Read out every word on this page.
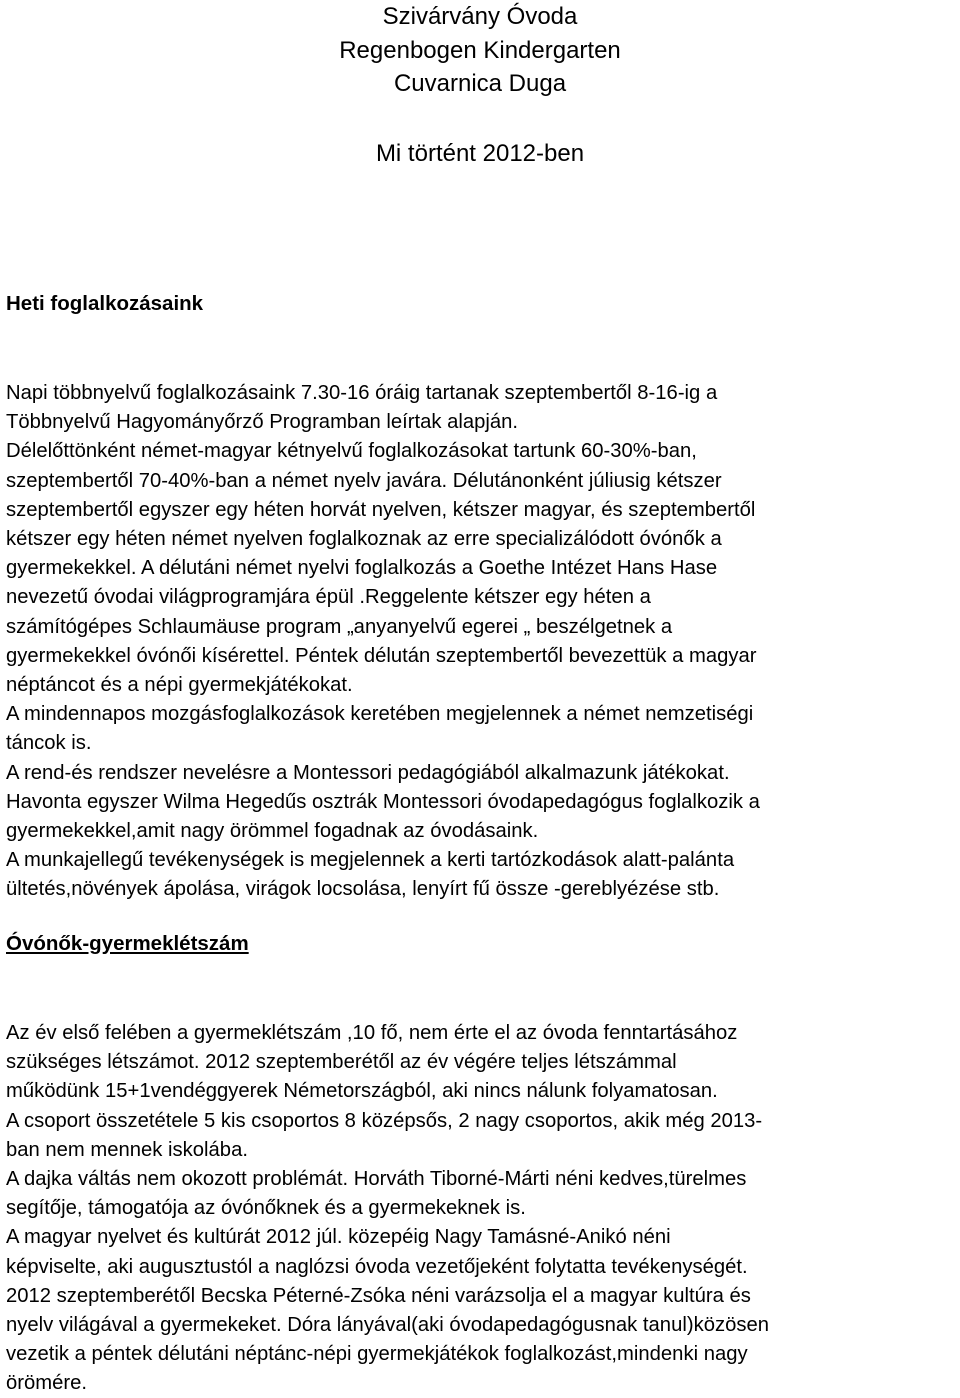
Szivárvány Óvoda
Regenbogen Kindergarten
Cuvarnica Duga
Mi történt 2012-ben
Heti foglalkozásaink
Napi többnyelvű foglalkozásaink 7.30-16 óráig tartanak szeptembertől 8-16-ig a
Többnyelvű Hagyományőrző Programban leírtak alapján.
Délelőttönként német-magyar kétnyelvű foglalkozásokat tartunk 60-30%-ban,
szeptembertől 70-40%-ban a német nyelv javára. Délutánonként júliusig kétszer
szeptembertől egyszer egy héten horvát nyelven, kétszer magyar, és szeptembertől
kétszer egy héten német nyelven foglalkoznak az erre specializálódott óvónők a
gyermekekkel. A délutáni német nyelvi foglalkozás a Goethe Intézet Hans Hase
nevezetű óvodai világprogramjára épül .Reggelente kétszer egy héten a
számítógépes Schlaumäuse program „anyanyelvű egerei „ beszélgetnek a
gyermekekkel óvónői kísérettel. Péntek délután szeptembertől bevezettük a magyar
néptáncot és a népi gyermekjátékokat.
A mindennapos mozgásfoglalkozások keretében megjelennek a német nemzetiségi
táncok is.
A rend-és rendszer nevelésre a Montessori pedagógiából alkalmazunk játékokat.
Havonta egyszer Wilma Hegedűs osztrák Montessori óvodapedagógus foglalkozik a
gyermekekkel,amit nagy örömmel fogadnak az óvodásaink.
A munkajellegű tevékenységek is megjelennek a kerti tartózkodások alatt-palánta
ültetés,növények ápolása, virágok locsolása, lenyírt fű össze -gereblyézése stb.
Óvónők-gyermeklétszám
Az év első felében a gyermeklétszám ,10 fő, nem érte el az óvoda fenntartásához
szükséges létszámot. 2012 szeptemberétől az év végére teljes létszámmal
működünk 15+1vendéggyerek Németországból, aki nincs nálunk folyamatosan.
A csoport összetétele 5 kis csoportos 8 középsős, 2 nagy csoportos, akik még 2013-
ban nem mennek iskolába.
A dajka váltás nem okozott problémát. Horváth Tiborné-Márti néni kedves,türelmes
segítője, támogatója az óvónőknek és a gyermekeknek is.
A magyar nyelvet és kultúrát 2012 júl. közepéig Nagy Tamásné-Anikó néni
képviselte, aki augusztustól a naglózsi óvoda vezetőjeként folytatta tevékenységét.
2012 szeptemberétől Becska Péterné-Zsóka néni varázsolja el a magyar kultúra és
nyelv világával a gyermekeket. Dóra lányával(aki óvodapedagógusnak tanul)közösen
vezetik a péntek délutáni néptánc-népi gyermekjátékok foglalkozást,mindenki nagy
örömére.
